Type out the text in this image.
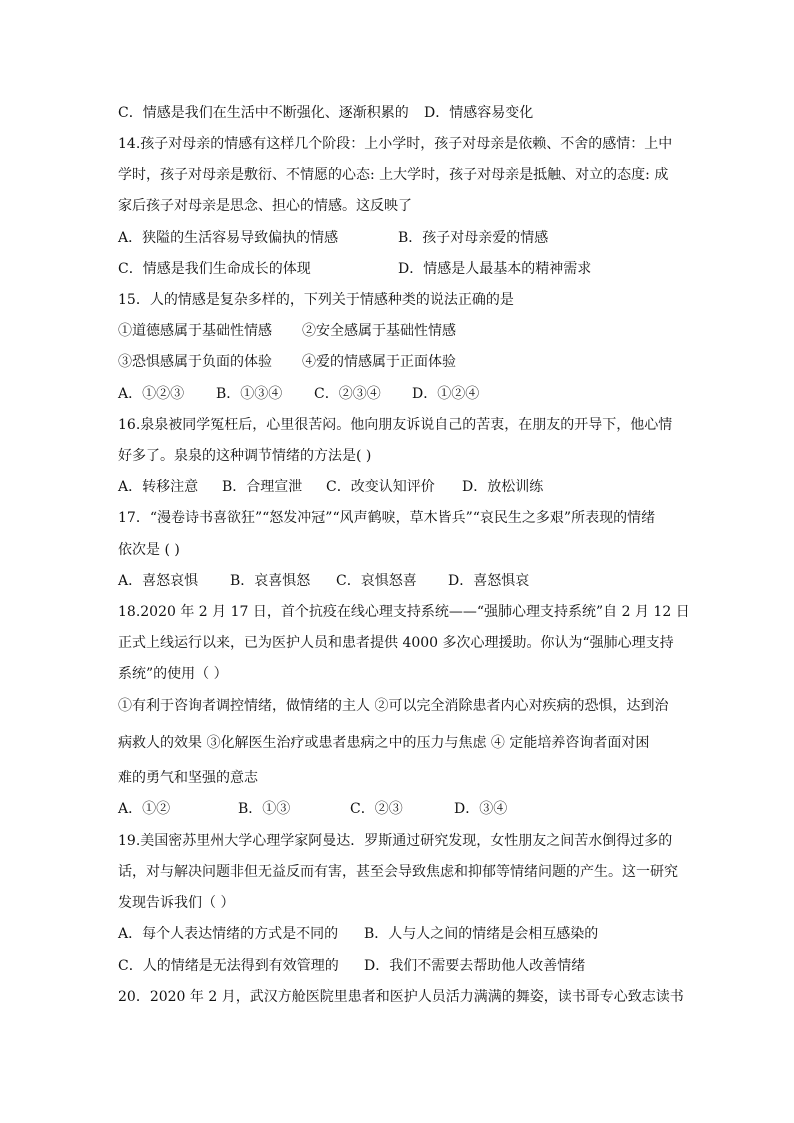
C．情感是我们在生活中不断强化、逐渐积累的	D．情感容易变化
14.孩子对母亲的情感有这样几个阶段：上小学时，孩子对母亲是依赖、不舍的感情：上中
学时，孩子对母亲是敷衍、不情愿的心态: 上大学时，孩子对母亲是抵触、对立的态度: 成
家后孩子对母亲是思念、担心的情感。这反映了
A．狭隘的生活容易导致偏执的情感	B．孩子对母亲爱的情感
C．情感是我们生命成长的体现	D．情感是人最基本的精神需求
15．人的情感是复杂多样的，下列关于情感种类的说法正确的是
①道德感属于基础性情感	②安全感属于基础性情感
③恐惧感属于负面的体验	④爱的情感属于正面体验
A．①②③	B．①③④	C．②③④	D．①②④
16.泉泉被同学冤枉后，心里很苦闷。他向朋友诉说自己的苦衷，在朋友的开导下，他心情
好多了。泉泉的这种调节情绪的方法是( )
A．转移注意	B．合理宣泄	C．改变认知评价	D．放松训练
17．“漫卷诗书喜欲狂”“怒发冲冠”“风声鹤唳，草木皆兵”“哀民生之多艰”所表现的情绪
依次是 ( )
A．喜怒哀惧	B．哀喜惧怒	C．哀惧怒喜	D．喜怒惧哀
18.2020 年 2 月 17 日，首个抗疫在线心理支持系统——“强肺心理支持系统”自 2 月 12 日
正式上线运行以来，已为医护人员和患者提供 4000 多次心理援助。你认为“强肺心理支持
系统”的使用（ ）
①有利于咨询者调控情绪，做情绪的主人 ②可以完全消除患者内心对疾病的恐惧，达到治
病救人的效果 ③化解医生治疗或患者患病之中的压力与焦虑 ④ 定能培养咨询者面对困
难的勇气和坚强的意志
A．①②	B．①③	C．②③	D．③④
19.美国密苏里州大学心理学家阿曼达．罗斯通过研究发现，女性朋友之间苦水倒得过多的
话，对与解决问题非但无益反而有害，甚至会导致焦虑和抑郁等情绪问题的产生。这一研究
发现告诉我们（ ）
A．每个人表达情绪的方式是不同的	B．人与人之间的情绪是会相互感染的
C．人的情绪是无法得到有效管理的	D．我们不需要去帮助他人改善情绪
20．2020 年 2 月，武汉方舱医院里患者和医护人员活力满满的舞姿，读书哥专心致志读书
